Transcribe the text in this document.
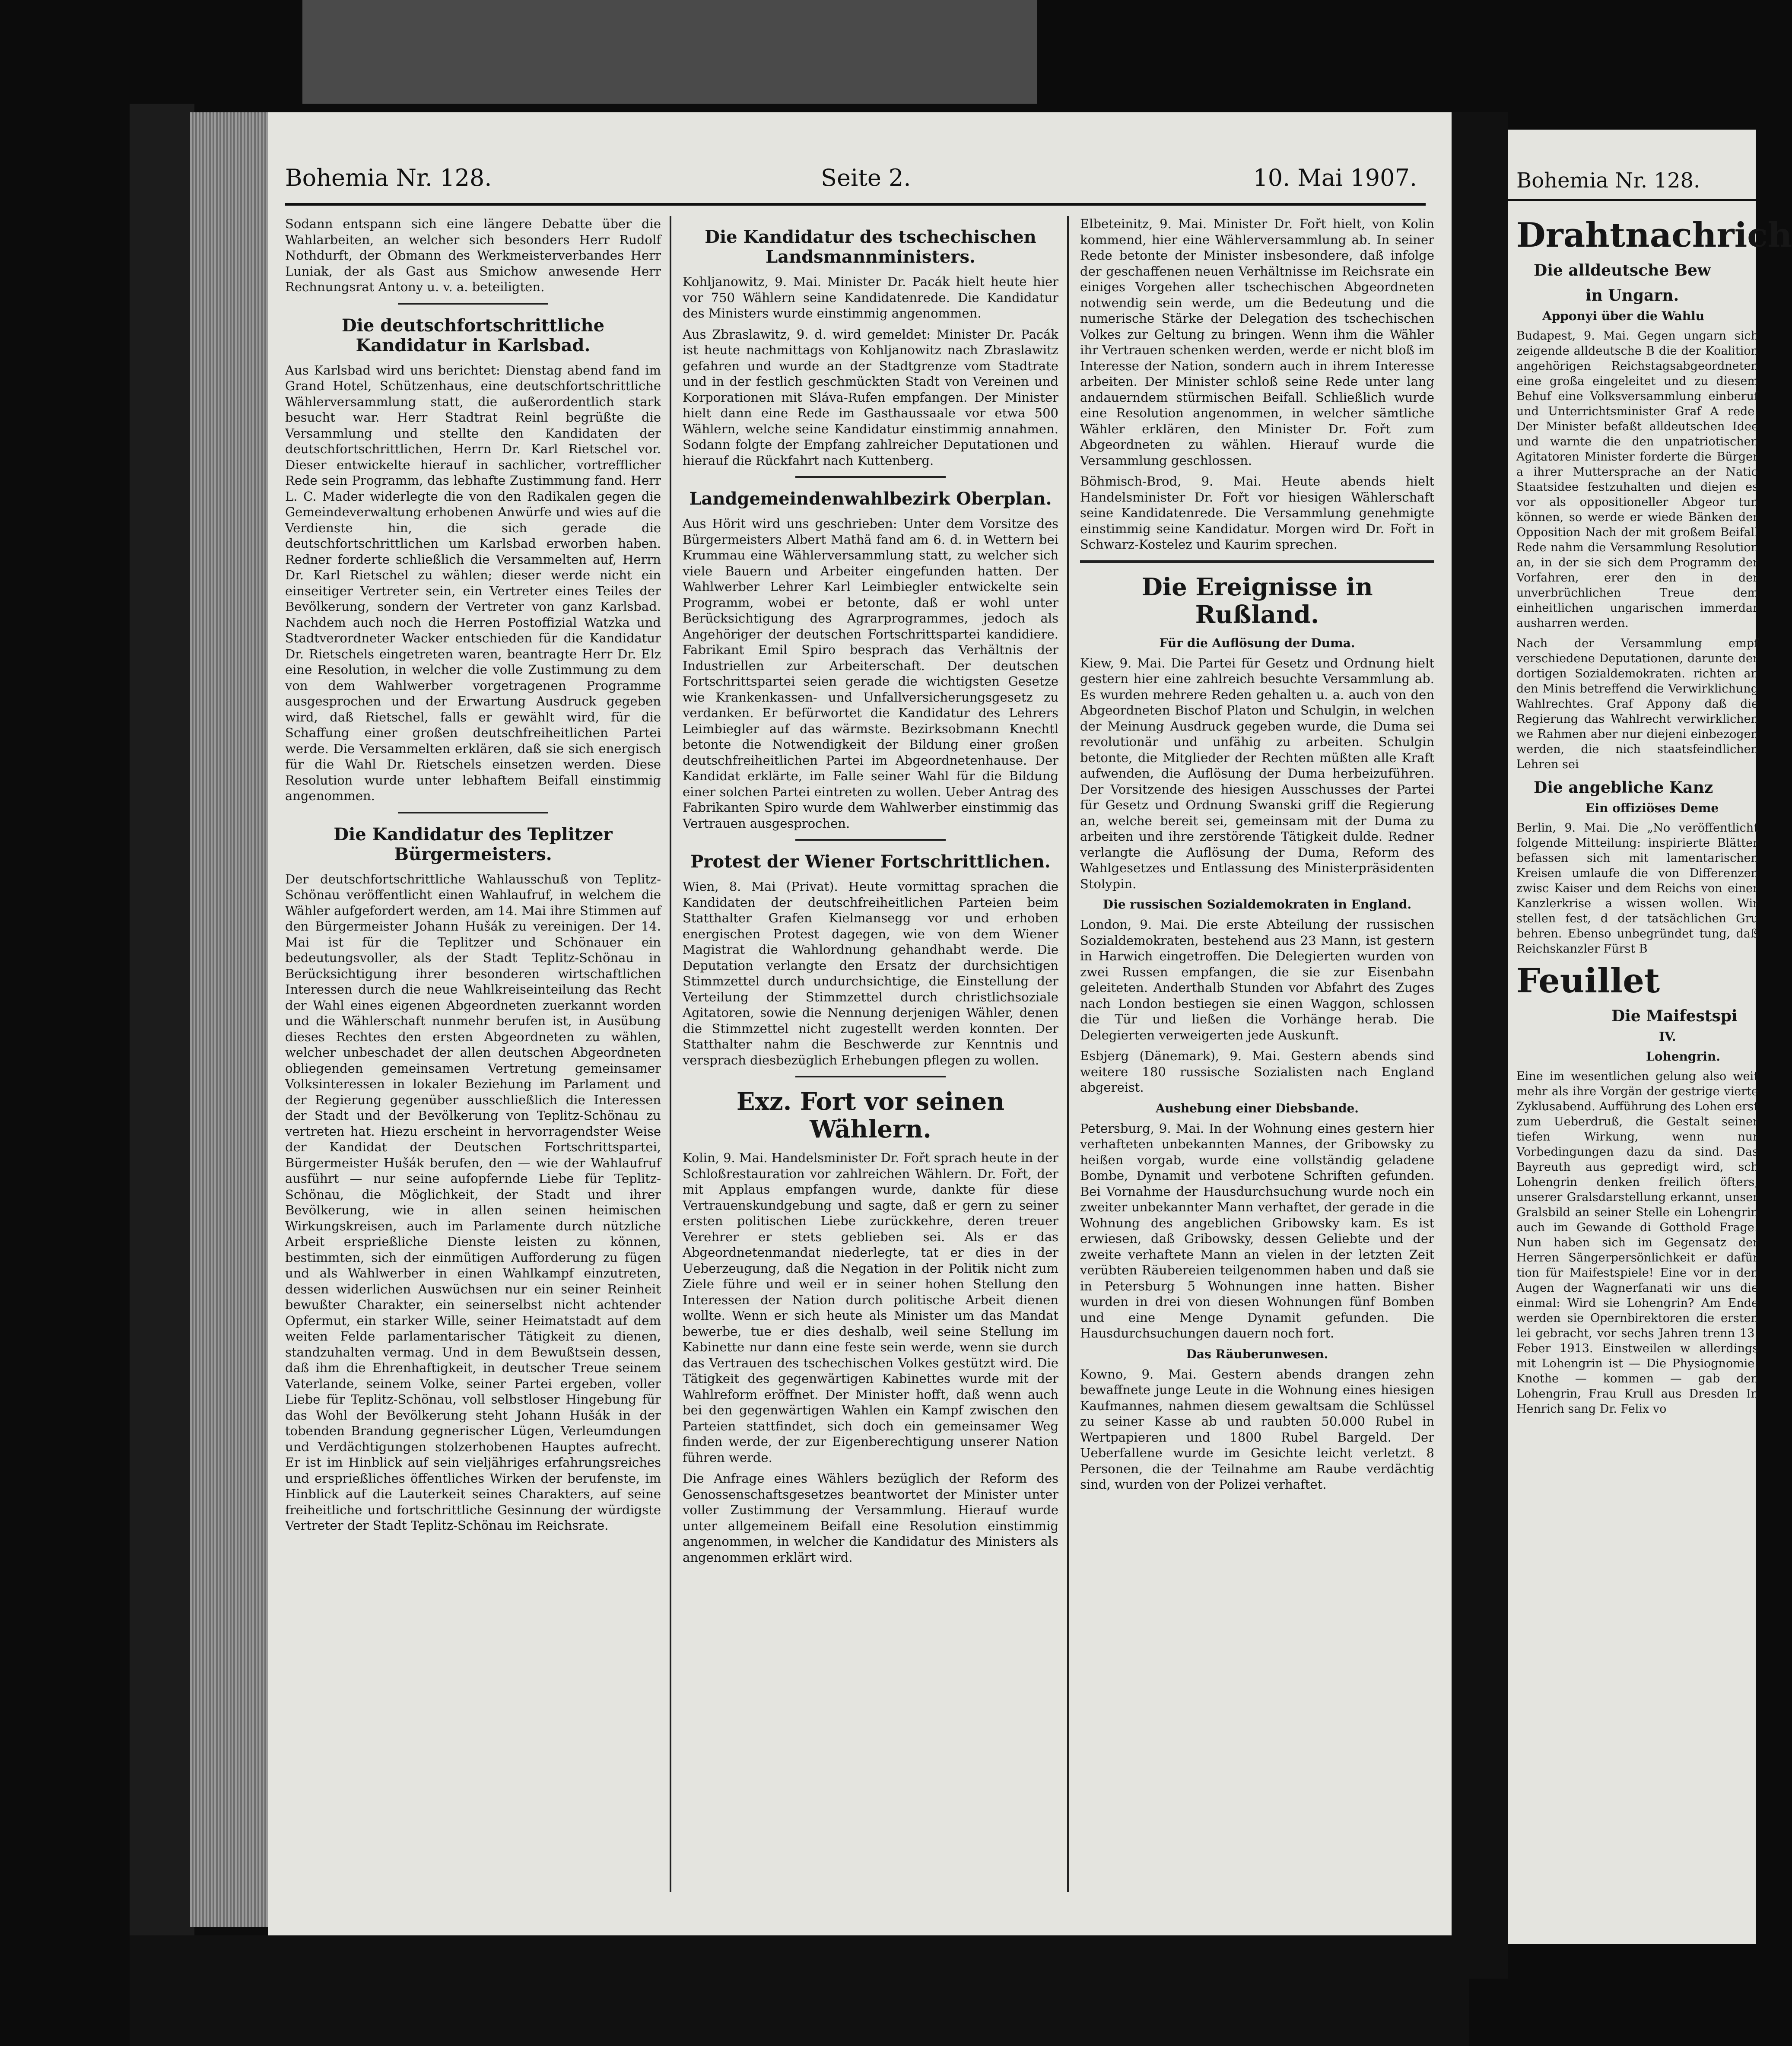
Bohemia Nr. 128.	Seite 2.	10. Mai 1907.

Sodann entspann sich eine längere Debatte über die Wahlarbeiten, an welcher sich besonders Herr Rudolf Nothdurft, der Obmann des Werkmeisterverbandes Herr Luniak, der als Gast aus Smichow anwesende Herr Rechnungsrat Antony u. v. a. beteiligten.

Die deutschfortschrittliche Kandidatur in Karlsbad.

Aus Karlsbad wird uns berichtet: Dienstag abend fand im Grand Hotel, Schützenhaus, eine deutschfortschrittliche Wählerversammlung statt, die außerordentlich stark besucht war. Herr Stadtrat Reinl begrüßte die Versammlung und stellte den Kandidaten der deutschfortschrittlichen, Herrn Dr. Karl Rietschel vor. Dieser entwickelte hierauf in sachlicher, vortrefflicher Rede sein Programm, das lebhafte Zustimmung fand. Herr L. C. Mader widerlegte die von den Radikalen gegen die Gemeindeverwaltung erhobenen Anwürfe und wies auf die Verdienste hin, die sich gerade die deutschfortschrittlichen um Karlsbad erworben haben. Redner forderte schließlich die Versammelten auf, Herrn Dr. Karl Rietschel zu wählen; dieser werde nicht ein einseitiger Vertreter sein, ein Vertreter eines Teiles der Bevölkerung, sondern der Vertreter von ganz Karlsbad. Nachdem auch noch die Herren Postoffizial Watzka und Stadtverordneter Wacker entschieden für die Kandidatur Dr. Rietschels eingetreten waren, beantragte Herr Dr. Elz eine Resolution, in welcher die volle Zustimmung zu dem von dem Wahlwerber vorgetragenen Programme ausgesprochen und der Erwartung Ausdruck gegeben wird, daß Rietschel, falls er gewählt wird, für die Schaffung einer großen deutschfreiheitlichen Partei werde. Die Versammelten erklären, daß sie sich energisch für die Wahl Dr. Rietschels einsetzen werden. Diese Resolution wurde unter lebhaftem Beifall einstimmig angenommen.

Die Kandidatur des Teplitzer Bürgermeisters.

Der deutschfortschrittliche Wahlausschuß von Teplitz-Schönau veröffentlicht einen Wahlaufruf, in welchem die Wähler aufgefordert werden, am 14. Mai ihre Stimmen auf den Bürgermeister Johann Hušák zu vereinigen. Der 14. Mai ist für die Teplitzer und Schönauer ein bedeutungsvoller, als der Stadt Teplitz-Schönau in Berücksichtigung ihrer besonderen wirtschaftlichen Interessen durch die neue Wahlkreiseinteilung das Recht der Wahl eines eigenen Abgeordneten zuerkannt worden und die Wählerschaft nunmehr berufen ist, in Ausübung dieses Rechtes den ersten Abgeordneten zu wählen, welcher unbeschadet der allen deutschen Abgeordneten obliegenden gemeinsamen Vertretung gemeinsamer Volksinteressen in lokaler Beziehung im Parlament und der Regierung gegenüber ausschließlich die Interessen der Stadt und der Bevölkerung von Teplitz-Schönau zu vertreten hat. Hiezu erscheint in hervorragendster Weise der Kandidat der Deutschen Fortschrittspartei, Bürgermeister Hušák berufen, den — wie der Wahlaufruf ausführt — nur seine aufopfernde Liebe für Teplitz-Schönau, die Möglichkeit, der Stadt und ihrer Bevölkerung, wie in allen seinen heimischen Wirkungskreisen, auch im Parlamente durch nützliche Arbeit ersprießliche Dienste leisten zu können, bestimmten, sich der einmütigen Aufforderung zu fügen und als Wahlwerber in einen Wahlkampf einzutreten, dessen widerlichen Auswüchsen nur ein seiner Reinheit bewußter Charakter, ein seinerselbst nicht achtender Opfermut, ein starker Wille, seiner Heimatstadt auf dem weiten Felde parlamentarischer Tätigkeit zu dienen, standzuhalten vermag. Und in dem Bewußtsein dessen, daß ihm die Ehrenhaftigkeit, in deutscher Treue seinem Vaterlande, seinem Volke, seiner Partei ergeben, voller Liebe für Teplitz-Schönau, voll selbstloser Hingebung für das Wohl der Bevölkerung steht Johann Hušák in der tobenden Brandung gegnerischer Lügen, Verleumdungen und Verdächtigungen stolzerhobenen Hauptes aufrecht. Er ist im Hinblick auf sein vieljähriges erfahrungsreiches und ersprießliches öffentliches Wirken der berufenste, im Hinblick auf die Lauterkeit seines Charakters, auf seine freiheitliche und fortschrittliche Gesinnung der würdigste Vertreter der Stadt Teplitz-Schönau im Reichsrate.

Die Kandidatur des tschechischen Landsmannministers.

Kohljanowitz, 9. Mai. Minister Dr. Pacák hielt heute hier vor 750 Wählern seine Kandidatenrede. Die Kandidatur des Ministers wurde einstimmig angenommen.

Aus Zbraslawitz, 9. d. wird gemeldet: Minister Dr. Pacák ist heute nachmittags von Kohljanowitz nach Zbraslawitz gefahren und wurde an der Stadtgrenze vom Stadtrate und in der festlich geschmückten Stadt von Vereinen und Korporationen mit Sláva-Rufen empfangen. Der Minister hielt dann eine Rede im Gasthaussaale vor etwa 500 Wählern, welche seine Kandidatur einstimmig annahmen. Sodann folgte der Empfang zahlreicher Deputationen und hierauf die Rückfahrt nach Kuttenberg.

Landgemeindenwahlbezirk Oberplan.

Aus Hörit wird uns geschrieben: Unter dem Vorsitze des Bürgermeisters Albert Mathä fand am 6. d. in Wettern bei Krummau eine Wählerversammlung statt, zu welcher sich viele Bauern und Arbeiter eingefunden hatten. Der Wahlwerber Lehrer Karl Leimbiegler entwickelte sein Programm, wobei er betonte, daß er wohl unter Berücksichtigung des Agrarprogrammes, jedoch als Angehöriger der deutschen Fortschrittspartei kandidiere. Fabrikant Emil Spiro besprach das Verhältnis der Industriellen zur Arbeiterschaft. Der deutschen Fortschrittspartei seien gerade die wichtigsten Gesetze wie Krankenkassen- und Unfallversicherungsgesetz zu verdanken. Er befürwortet die Kandidatur des Lehrers Leimbiegler auf das wärmste. Bezirksobmann Knechtl betonte die Notwendigkeit der Bildung einer großen deutschfreiheitlichen Partei im Abgeordnetenhause. Der Kandidat erklärte, im Falle seiner Wahl für die Bildung einer solchen Partei eintreten zu wollen. Ueber Antrag des Fabrikanten Spiro wurde dem Wahlwerber einstimmig das Vertrauen ausgesprochen.

Protest der Wiener Fortschrittlichen.

Wien, 8. Mai (Privat). Heute vormittag sprachen die Kandidaten der deutschfreiheitlichen Parteien beim Statthalter Grafen Kielmansegg vor und erhoben energischen Protest dagegen, wie von dem Wiener Magistrat die Wahlordnung gehandhabt werde. Die Deputation verlangte den Ersatz der durchsichtigen Stimmzettel durch undurchsichtige, die Einstellung der Verteilung der Stimmzettel durch christlichsoziale Agitatoren, sowie die Nennung derjenigen Wähler, denen die Stimmzettel nicht zugestellt werden konnten. Der Statthalter nahm die Beschwerde zur Kenntnis und versprach diesbezüglich Erhebungen pflegen zu wollen.

Exz. Fort vor seinen Wählern.

Kolin, 9. Mai. Handelsminister Dr. Fořt sprach heute in der Schloßrestauration vor zahlreichen Wählern. Dr. Fořt, der mit Applaus empfangen wurde, dankte für diese Vertrauenskundgebung und sagte, daß er gern zu seiner ersten politischen Liebe zurückkehre, deren treuer Verehrer er stets geblieben sei. Als er das Abgeordnetenmandat niederlegte, tat er dies in der Ueberzeugung, daß die Negation in der Politik nicht zum Ziele führe und weil er in seiner hohen Stellung den Interessen der Nation durch politische Arbeit dienen wollte. Wenn er sich heute als Minister um das Mandat bewerbe, tue er dies deshalb, weil seine Stellung im Kabinette nur dann eine feste sein werde, wenn sie durch das Vertrauen des tschechischen Volkes gestützt wird. Die Tätigkeit des gegenwärtigen Kabinettes wurde mit der Wahlreform eröffnet. Der Minister hofft, daß wenn auch bei den gegenwärtigen Wahlen ein Kampf zwischen den Parteien stattfindet, sich doch ein gemeinsamer Weg finden werde, der zur Eigenberechtigung unserer Nation führen werde.

Die Anfrage eines Wählers bezüglich der Reform des Genossenschaftsgesetzes beantwortet der Minister unter voller Zustimmung der Versammlung. Hierauf wurde unter allgemeinem Beifall eine Resolution einstimmig angenommen, in welcher die Kandidatur des Ministers als angenommen erklärt wird.

Elbeteinitz, 9. Mai. Minister Dr. Fořt hielt, von Kolin kommend, hier eine Wählerversammlung ab. In seiner Rede betonte der Minister insbesondere, daß infolge der geschaffenen neuen Verhältnisse im Reichsrate ein einiges Vorgehen aller tschechischen Abgeordneten notwendig sein werde, um die Bedeutung und die numerische Stärke der Delegation des tschechischen Volkes zur Geltung zu bringen. Wenn ihm die Wähler ihr Vertrauen schenken werden, werde er nicht bloß im Interesse der Nation, sondern auch in ihrem Interesse arbeiten. Der Minister schloß seine Rede unter lang andauerndem stürmischen Beifall. Schließlich wurde eine Resolution angenommen, in welcher sämtliche Wähler erklären, den Minister Dr. Fořt zum Abgeordneten zu wählen. Hierauf wurde die Versammlung geschlossen.

Böhmisch-Brod, 9. Mai. Heute abends hielt Handelsminister Dr. Fořt vor hiesigen Wählerschaft seine Kandidatenrede. Die Versammlung genehmigte einstimmig seine Kandidatur. Morgen wird Dr. Fořt in Schwarz-Kostelez und Kaurim sprechen.

Die Ereignisse in Rußland.
Für die Auflösung der Duma.

Kiew, 9. Mai. Die Partei für Gesetz und Ordnung hielt gestern hier eine zahlreich besuchte Versammlung ab. Es wurden mehrere Reden gehalten u. a. auch von den Abgeordneten Bischof Platon und Schulgin, in welchen der Meinung Ausdruck gegeben wurde, die Duma sei revolutionär und unfähig zu arbeiten. Schulgin betonte, die Mitglieder der Rechten müßten alle Kraft aufwenden, die Auflösung der Duma herbeizuführen. Der Vorsitzende des hiesigen Ausschusses der Partei für Gesetz und Ordnung Swanski griff die Regierung an, welche bereit sei, gemeinsam mit der Duma zu arbeiten und ihre zerstörende Tätigkeit dulde. Redner verlangte die Auflösung der Duma, Reform des Wahlgesetzes und Entlassung des Ministerpräsidenten Stolypin.

Die russischen Sozialdemokraten in England.

London, 9. Mai. Die erste Abteilung der russischen Sozialdemokraten, bestehend aus 23 Mann, ist gestern in Harwich eingetroffen. Die Delegierten wurden von zwei Russen empfangen, die sie zur Eisenbahn geleiteten. Anderthalb Stunden vor Abfahrt des Zuges nach London bestiegen sie einen Waggon, schlossen die Tür und ließen die Vorhänge herab. Die Delegierten verweigerten jede Auskunft.

Esbjerg (Dänemark), 9. Mai. Gestern abends sind weitere 180 russische Sozialisten nach England abgereist.

Aushebung einer Diebsbande.

Petersburg, 9. Mai. In der Wohnung eines gestern hier verhafteten unbekannten Mannes, der Gribowsky zu heißen vorgab, wurde eine vollständig geladene Bombe, Dynamit und verbotene Schriften gefunden. Bei Vornahme der Hausdurchsuchung wurde noch ein zweiter unbekannter Mann verhaftet, der gerade in die Wohnung des angeblichen Gribowsky kam. Es ist erwiesen, daß Gribowsky, dessen Geliebte und der zweite verhaftete Mann an vielen in der letzten Zeit verübten Räubereien teilgenommen haben und daß sie in Petersburg 5 Wohnungen inne hatten. Bisher wurden in drei von diesen Wohnungen fünf Bomben und eine Menge Dynamit gefunden. Die Hausdurchsuchungen dauern noch fort.

Das Räuberunwesen.

Kowno, 9. Mai. Gestern abends drangen zehn bewaffnete junge Leute in die Wohnung eines hiesigen Kaufmannes, nahmen diesem gewaltsam die Schlüssel zu seiner Kasse ab und raubten 50.000 Rubel in Wertpapieren und 1800 Rubel Bargeld. Der Ueberfallene wurde im Gesichte leicht verletzt. 8 Personen, die der Teilnahme am Raube verdächtig sind, wurden von der Polizei verhaftet.

Bohemia Nr. 128.
Drahtnachrich
Die alldeutsche Bew
in Ungarn.
Apponyi über die Wahlu

Budapest, 9. Mai. Gegen ungarn sich zeigende alldeutsche B die der Koalition angehörigen Reichstagsabgeordneten eine großa eingeleitet und zu diesem Behuf eine Volksversammlung einberuf und Unterrichtsminister Graf A rede. Der Minister befaßt alldeutschen Idee und warnte die den unpatriotischen Agitatoren Minister forderte die Bürger a ihrer Muttersprache an der Natio Staatsidee festzuhalten und diejen es vor als oppositioneller Abgeor tun können, so werde er wiede Bänken der Opposition Nach der mit großem Beifall Rede nahm die Versammlung Resolution an, in der sie sich dem Programm der Vorfahren, erer den in der unverbrüchlichen Treue dem einheitlichen ungarischen immerdar ausharren werden.

Nach der Versammlung empf verschiedene Deputationen, darunte der dortigen Sozialdemokraten. richten an den Minis betreffend die Verwirklichung Wahlrechtes. Graf Appony daß die Regierung das Wahlrecht verwirklichen we Rahmen aber nur diejeni einbezogen werden, die nich staatsfeindlichen Lehren sei

Die angebliche Kanz
Ein offiziöses Deme

Berlin, 9. Mai. Die „No veröffentlicht folgende Mitteilung: inspirierte Blätter befassen sich mit lamentarischen Kreisen umlaufe die von Differenzen zwisc Kaiser und dem Reichs von einer Kanzlerkrise a wissen wollen. Wir stellen fest, d der tatsächlichen Gru behren. Ebenso unbegründet tung, daß Reichskanzler Fürst B

Feuillet
Die Maifestspi
IV.
Lohengrin.

Eine im wesentlichen gelung also weit mehr als ihre Vorgän der gestrige vierte Zyklusabend. Aufführung des Lohen erst zum Ueberdruß, die Gestalt seiner tiefen Wirkung, wenn nur Vorbedingungen dazu da sind. Das Bayreuth aus gepredigt wird, sch Lohengrin denken freilich öfters, unserer Gralsdarstellung erkannt, unser Gralsbild an seiner Stelle ein Lohengrin auch im Gewande di Gotthold Frage: Nun haben sich im Gegensatz der Herren Sängerpersönlichkeit er dafür tion für Maifestspiele! Eine vor in den Augen der Wagnerfanati wir uns die einmal: Wird sie Lohengrin? Am Ende werden sie Opernbirektoren die ersten lei gebracht, vor sechs Jahren trenn 13. Feber 1913. Einstweilen w allerdings mit Lohengrin ist — Die Physiognomie. Knothe — kommen — gab den Lohengrin, Frau Krull aus Dresden In Henrich sang Dr. Felix vo
